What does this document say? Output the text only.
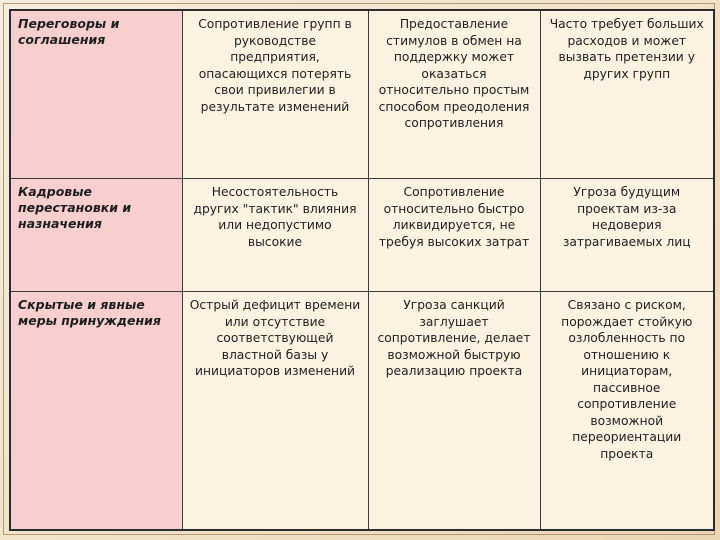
Переговоры и соглашения	Сопротивление групп в руководстве предприятия, опасающихся потерять свои привилегии в результате изменений	Предоставление стимулов в обмен на поддержку может оказаться относительно простым способом преодоления сопротивления	Часто требует больших расходов и может вызвать претензии у других групп
Кадровые перестановки и назначения	Несостоятельность других "тактик" влияния или недопустимо высокие	Сопротивление относительно быстро ликвидируется, не требуя высоких затрат	Угроза будущим проектам из-за недоверия затрагиваемых лиц
Скрытые и явные меры принуждения	Острый дефицит времени или отсутствие соответствующей властной базы у инициаторов изменений	Угроза санкций заглушает сопротивление, делает возможной быструю реализацию проекта	Связано с риском, порождает стойкую озлобленность по отношению к инициаторам, пассивное сопротивление возможной переориентации проекта
